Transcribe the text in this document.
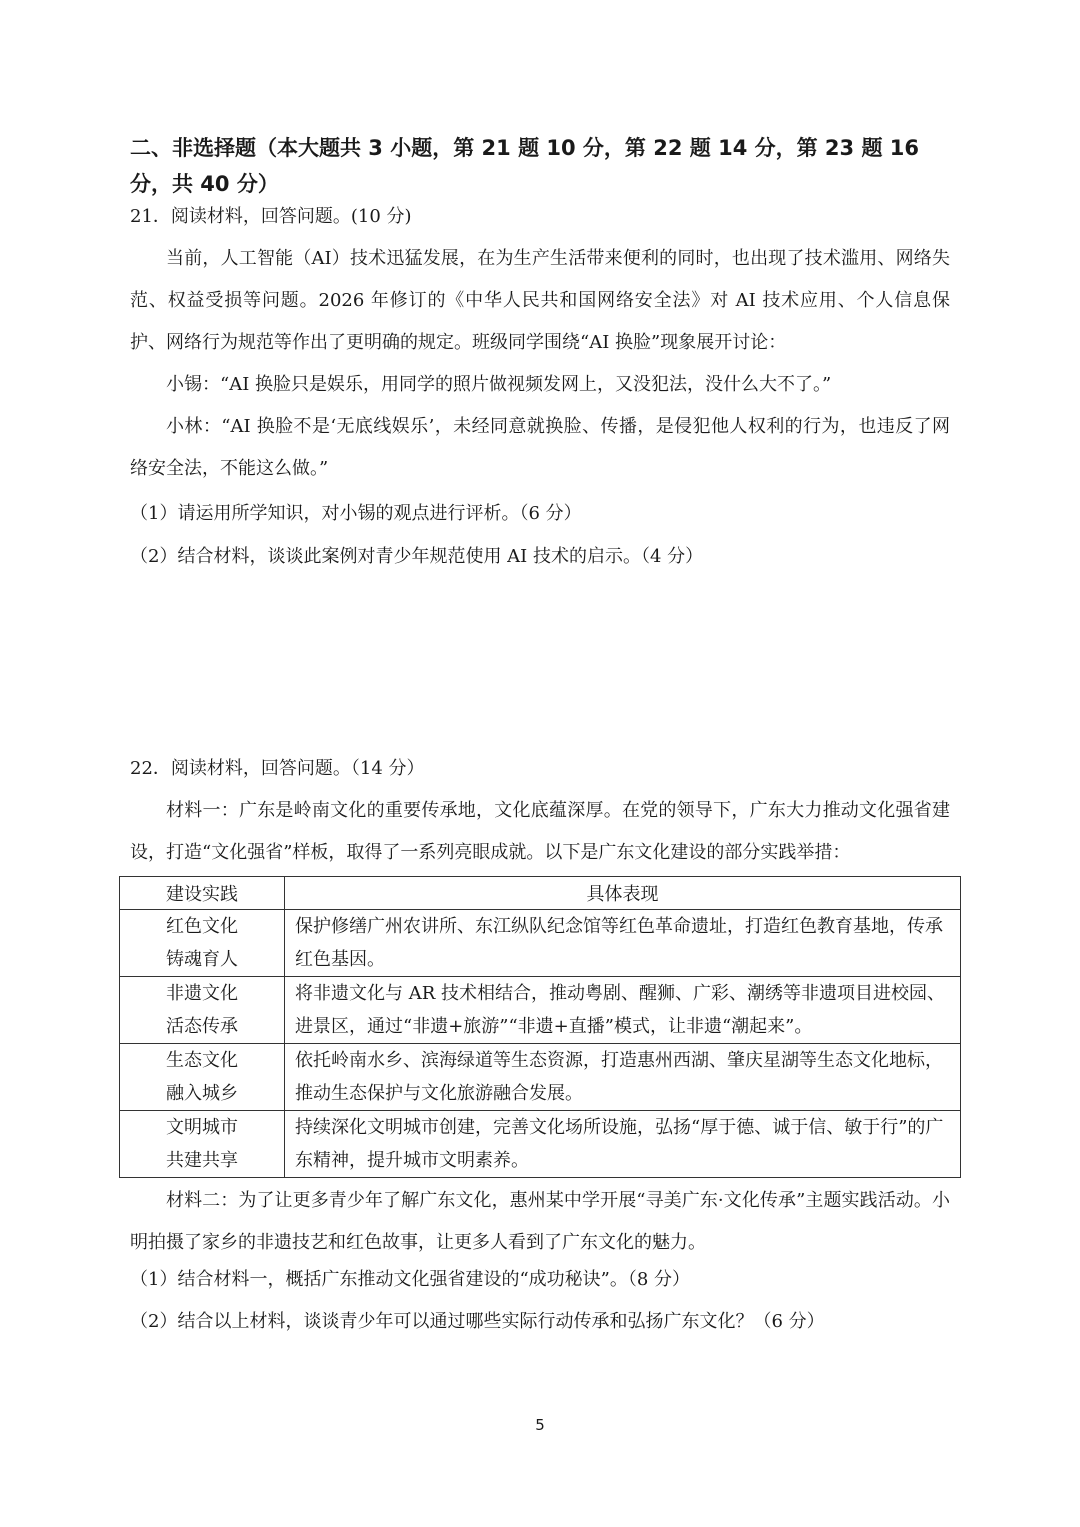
二、非选择题（本大题共 3 小题，第 21 题 10 分，第 22 题 14 分，第 23 题 16 分，共 40 分）
21．阅读材料，回答问题。(10 分)
当前，人工智能（AI）技术迅猛发展，在为生产生活带来便利的同时，也出现了技术滥用、网络失范、权益受损等问题。2026 年修订的《中华人民共和国网络安全法》对 AI 技术应用、个人信息保护、网络行为规范等作出了更明确的规定。班级同学围绕“AI 换脸”现象展开讨论：
小锡：“AI 换脸只是娱乐，用同学的照片做视频发网上，又没犯法，没什么大不了。”
小林：“AI 换脸不是‘无底线娱乐’，未经同意就换脸、传播，是侵犯他人权利的行为，也违反了网络安全法，不能这么做。”
（1）请运用所学知识，对小锡的观点进行评析。（6 分）
（2）结合材料，谈谈此案例对青少年规范使用 AI 技术的启示。（4 分）
22．阅读材料，回答问题。（14 分）
材料一：广东是岭南文化的重要传承地，文化底蕴深厚。在党的领导下，广东大力推动文化强省建设，打造“文化强省”样板，取得了一系列亮眼成就。以下是广东文化建设的部分实践举措：
建设实践	具体表现

红色文化
铸魂育人	保护修缮广州农讲所、东江纵队纪念馆等红色革命遗址，打造红色教育基地，传承红色基因。

非遗文化
活态传承	将非遗文化与 AR 技术相结合，推动粤剧、醒狮、广彩、潮绣等非遗项目进校园、进景区，通过“非遗+旅游”“非遗+直播”模式，让非遗“潮起来”。

生态文化
融入城乡	依托岭南水乡、滨海绿道等生态资源，打造惠州西湖、肇庆星湖等生态文化地标，推动生态保护与文化旅游融合发展。

文明城市
共建共享	持续深化文明城市创建，完善文化场所设施，弘扬“厚于德、诚于信、敏于行”的广东精神，提升城市文明素养。
材料二：为了让更多青少年了解广东文化，惠州某中学开展“寻美广东·文化传承”主题实践活动。小明拍摄了家乡的非遗技艺和红色故事，让更多人看到了广东文化的魅力。
（1）结合材料一，概括广东推动文化强省建设的“成功秘诀”。（8 分）
（2）结合以上材料，谈谈青少年可以通过哪些实际行动传承和弘扬广东文化？（6 分）
5
